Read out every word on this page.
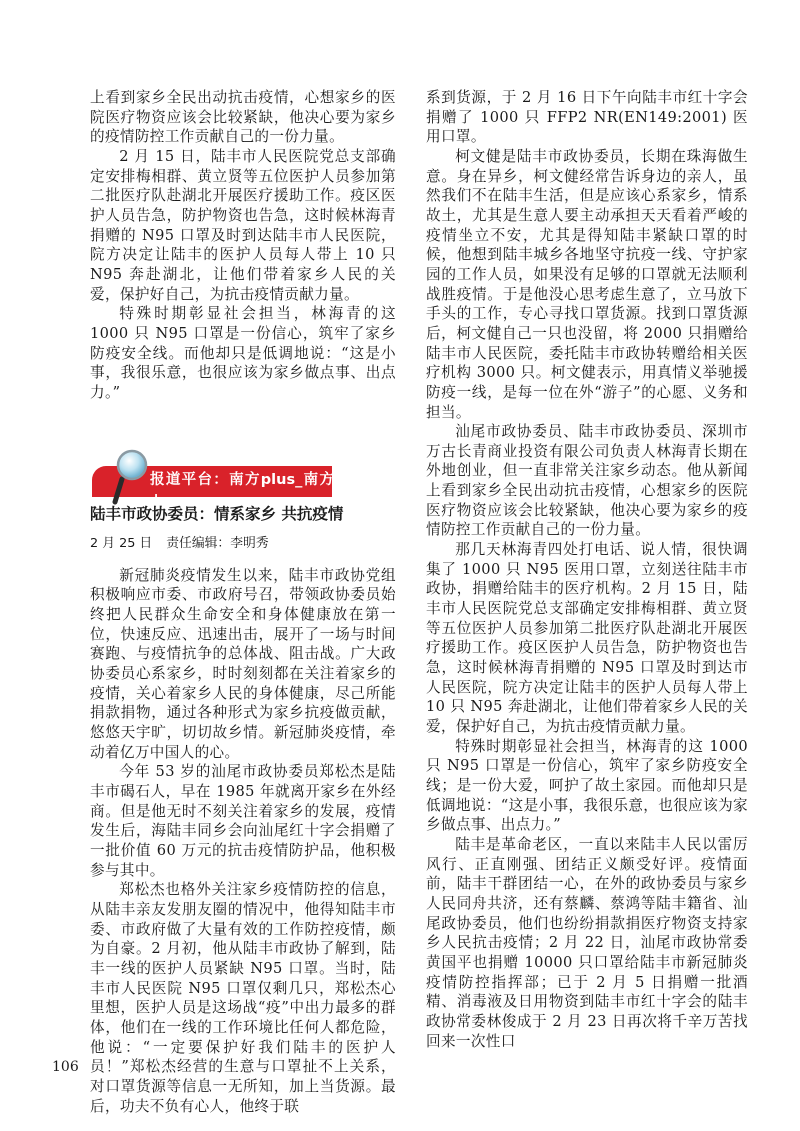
上看到家乡全民出动抗击疫情，心想家乡的医院医疗物资应该会比较紧缺，他决心要为家乡的疫情防控工作贡献自己的一份力量。

2 月 15 日，陆丰市人民医院党总支部确定安排梅相群、黄立贤等五位医护人员参加第二批医疗队赴湖北开展医疗援助工作。疫区医护人员告急，防护物资也告急，这时候林海青捐赠的 N95 口罩及时到达陆丰市人民医院，院方决定让陆丰的医护人员每人带上 10 只 N95 奔赴湖北，让他们带着家乡人民的关爱，保护好自己，为抗击疫情贡献力量。

特殊时期彰显社会担当，林海青的这 1000 只 N95 口罩是一份信心，筑牢了家乡防疫安全线。而他却只是低调地说：“这是小事，我很乐意，也很应该为家乡做点事、出点力。”

报道平台：南方plus_南方+

陆丰市政协委员：情系家乡 共抗疫情

2 月 25 日 责任编辑：李明秀

新冠肺炎疫情发生以来，陆丰市政协党组积极响应市委、市政府号召，带领政协委员始终把人民群众生命安全和身体健康放在第一位，快速反应、迅速出击，展开了一场与时间赛跑、与疫情抗争的总体战、阻击战。广大政协委员心系家乡，时时刻刻都在关注着家乡的疫情，关心着家乡人民的身体健康，尽己所能捐款捐物，通过各种形式为家乡抗疫做贡献，悠悠天宇旷，切切故乡情。新冠肺炎疫情，牵动着亿万中国人的心。

今年 53 岁的汕尾市政协委员郑松杰是陆丰市碣石人，早在 1985 年就离开家乡在外经商。但是他无时不刻关注着家乡的发展，疫情发生后，海陆丰同乡会向汕尾红十字会捐赠了一批价值 60 万元的抗击疫情防护品，他积极参与其中。

郑松杰也格外关注家乡疫情防控的信息，从陆丰亲友发朋友圈的情况中，他得知陆丰市委、市政府做了大量有效的工作防控疫情，颇为自豪。2 月初，他从陆丰市政协了解到，陆丰一线的医护人员紧缺 N95 口罩。当时，陆丰市人民医院 N95 口罩仅剩几只，郑松杰心里想，医护人员是这场战“疫”中出力最多的群体，他们在一线的工作环境比任何人都危险，他说：“一定要保护好我们陆丰的医护人员！”郑松杰经营的生意与口罩扯不上关系，对口罩货源等信息一无所知，加上当货源。最后，功夫不负有心人，他终于联

系到货源，于 2 月 16 日下午向陆丰市红十字会捐赠了 1000 只 FFP2 NR(EN149:2001) 医用口罩。

柯文健是陆丰市政协委员，长期在珠海做生意。身在异乡，柯文健经常告诉身边的亲人，虽然我们不在陆丰生活，但是应该心系家乡，情系故土，尤其是生意人要主动承担天天看着严峻的疫情坐立不安，尤其是得知陆丰紧缺口罩的时候，他想到陆丰城乡各地坚守抗疫一线、守护家园的工作人员，如果没有足够的口罩就无法顺利战胜疫情。于是他没心思考虑生意了，立马放下手头的工作，专心寻找口罩货源。找到口罩货源后，柯文健自己一只也没留，将 2000 只捐赠给陆丰市人民医院，委托陆丰市政协转赠给相关医疗机构 3000 只。柯文健表示，用真情义举驰援防疫一线，是每一位在外“游子”的心愿、义务和担当。

汕尾市政协委员、陆丰市政协委员、深圳市万古长青商业投资有限公司负责人林海青长期在外地创业，但一直非常关注家乡动态。他从新闻上看到家乡全民出动抗击疫情，心想家乡的医院医疗物资应该会比较紧缺，他决心要为家乡的疫情防控工作贡献自己的一份力量。

那几天林海青四处打电话、说人情，很快调集了 1000 只 N95 医用口罩，立刻送往陆丰市政协，捐赠给陆丰的医疗机构。2 月 15 日，陆丰市人民医院党总支部确定安排梅相群、黄立贤等五位医护人员参加第二批医疗队赴湖北开展医疗援助工作。疫区医护人员告急，防护物资也告急，这时候林海青捐赠的 N95 口罩及时到达市人民医院，院方决定让陆丰的医护人员每人带上 10 只 N95 奔赴湖北，让他们带着家乡人民的关爱，保护好自己，为抗击疫情贡献力量。

特殊时期彰显社会担当，林海青的这 1000 只 N95 口罩是一份信心，筑牢了家乡防疫安全线；是一份大爱，呵护了故土家园。而他却只是低调地说：“这是小事，我很乐意，也很应该为家乡做点事、出点力。”

陆丰是革命老区，一直以来陆丰人民以雷厉风行、正直刚强、团结正义颇受好评。疫情面前，陆丰干群团结一心，在外的政协委员与家乡人民同舟共济，还有蔡麟、蔡鸿等陆丰籍省、汕尾政协委员，他们也纷纷捐款捐医疗物资支持家乡人民抗击疫情；2 月 22 日，汕尾市政协常委黄国平也捐赠 10000 只口罩给陆丰市新冠肺炎疫情防控指挥部；已于 2 月 5 日捐赠一批酒精、消毒液及日用物资到陆丰市红十字会的陆丰政协常委林俊成于 2 月 23 日再次将千辛万苦找回来一次性口

106
